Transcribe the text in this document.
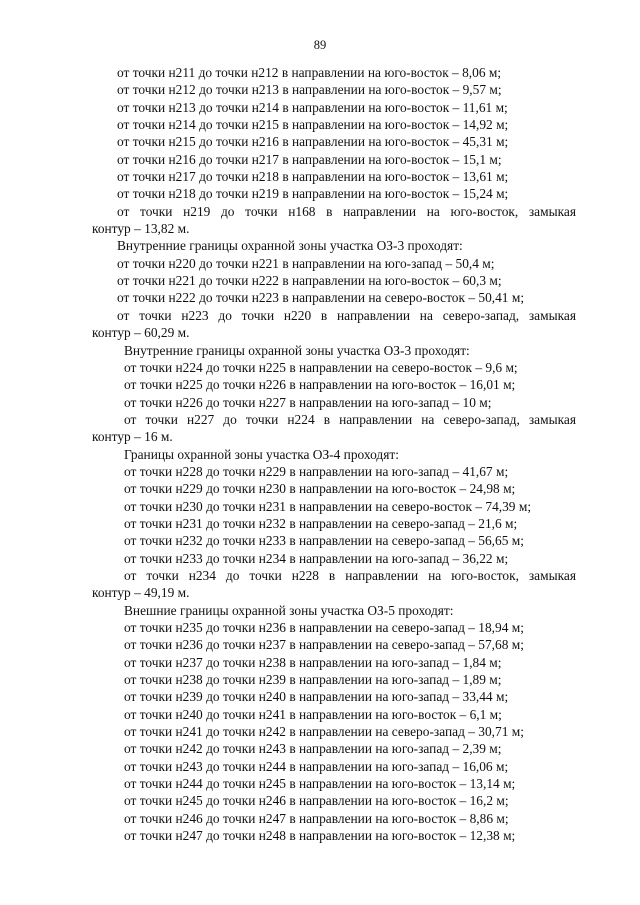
89
от точки н211 до точки н212 в направлении на юго-восток – 8,06 м;
от точки н212 до точки н213 в направлении на юго-восток – 9,57 м;
от точки н213 до точки н214 в направлении на юго-восток – 11,61 м;
от точки н214 до точки н215 в направлении на юго-восток – 14,92 м;
от точки н215 до точки н216 в направлении на юго-восток – 45,31 м;
от точки н216 до точки н217 в направлении на юго-восток – 15,1 м;
от точки н217 до точки н218 в направлении на юго-восток – 13,61 м;
от точки н218 до точки н219 в направлении на юго-восток – 15,24 м;
от точки н219 до точки н168 в направлении на юго-восток, замыкая
контур – 13,82 м.
Внутренние границы охранной зоны участка ОЗ-3 проходят:
от точки н220 до точки н221 в направлении на юго-запад – 50,4 м;
от точки н221 до точки н222 в направлении на юго-восток – 60,3 м;
от точки н222 до точки н223 в направлении на северо-восток – 50,41 м;
от точки н223 до точки н220 в направлении на северо-запад, замыкая
контур – 60,29 м.
Внутренние границы охранной зоны участка ОЗ-3 проходят:
от точки н224 до точки н225 в направлении на северо-восток – 9,6 м;
от точки н225 до точки н226 в направлении на юго-восток – 16,01 м;
от точки н226 до точки н227 в направлении на юго-запад – 10 м;
от точки н227 до точки н224 в направлении на северо-запад, замыкая
контур – 16 м.
Границы охранной зоны участка ОЗ-4 проходят:
от точки н228 до точки н229 в направлении на юго-запад – 41,67 м;
от точки н229 до точки н230 в направлении на юго-восток – 24,98 м;
от точки н230 до точки н231 в направлении на северо-восток – 74,39 м;
от точки н231 до точки н232 в направлении на северо-запад – 21,6 м;
от точки н232 до точки н233 в направлении на северо-запад – 56,65 м;
от точки н233 до точки н234 в направлении на юго-запад – 36,22 м;
от точки н234 до точки н228 в направлении на юго-восток, замыкая
контур – 49,19 м.
Внешние границы охранной зоны участка ОЗ-5 проходят:
от точки н235 до точки н236 в направлении на северо-запад – 18,94 м;
от точки н236 до точки н237 в направлении на северо-запад – 57,68 м;
от точки н237 до точки н238 в направлении на юго-запад – 1,84 м;
от точки н238 до точки н239 в направлении на юго-запад – 1,89 м;
от точки н239 до точки н240 в направлении на юго-запад – 33,44 м;
от точки н240 до точки н241 в направлении на юго-восток – 6,1 м;
от точки н241 до точки н242 в направлении на северо-запад – 30,71 м;
от точки н242 до точки н243 в направлении на юго-запад – 2,39 м;
от точки н243 до точки н244 в направлении на юго-запад – 16,06 м;
от точки н244 до точки н245 в направлении на юго-восток – 13,14 м;
от точки н245 до точки н246 в направлении на юго-восток – 16,2 м;
от точки н246 до точки н247 в направлении на юго-восток – 8,86 м;
от точки н247 до точки н248 в направлении на юго-восток – 12,38 м;
